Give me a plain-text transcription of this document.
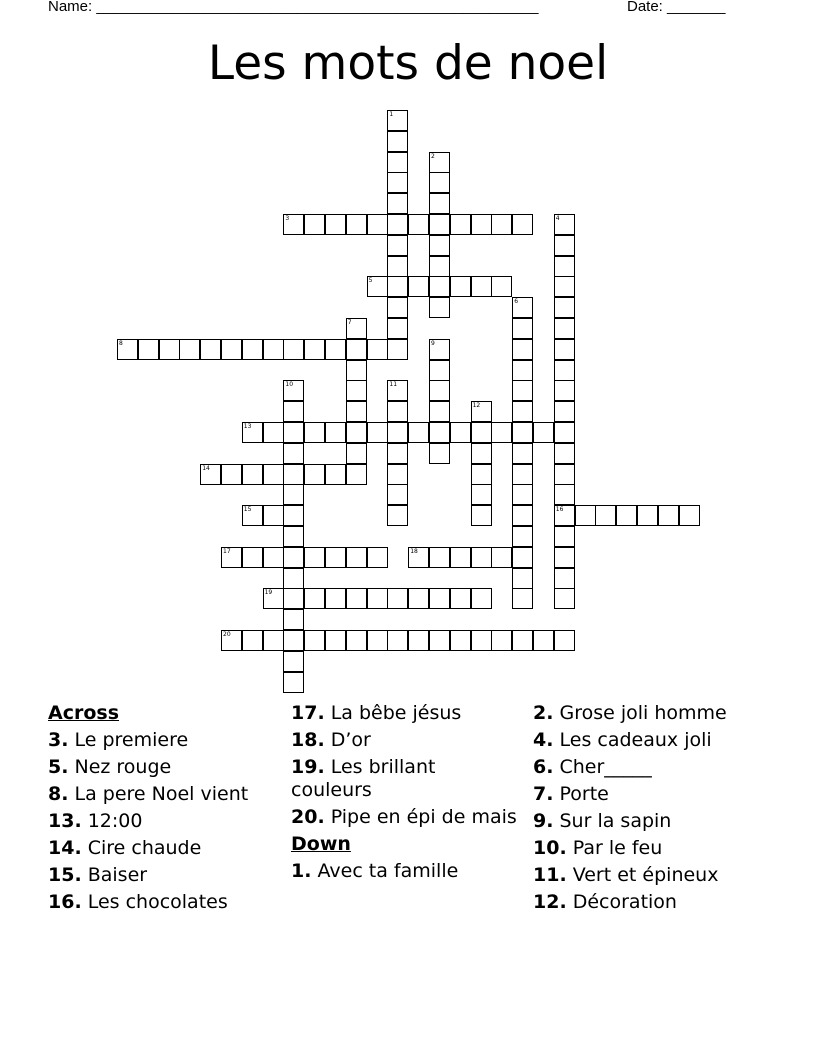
Name: _____________________________________________________	Date: _______
Les mots de noel
1
2
3	4
16
5
6
7
8	9
10	11
12
13
14
15
17	18
19
20
Across
3. Le premiere
5. Nez rouge
8. La pere Noel vient
13. 12:00
14. Cire chaude
15. Baiser
16. Les chocolates
17. La bêbe jésus
18. D’or
19. Les brillant couleurs
20. Pipe en épi de mais
Down
1. Avec ta famille
2. Grose joli homme
4. Les cadeaux joli
6. Cher_____
7. Porte
9. Sur la sapin
10. Par le feu
11. Vert et épineux
12. Décoration
